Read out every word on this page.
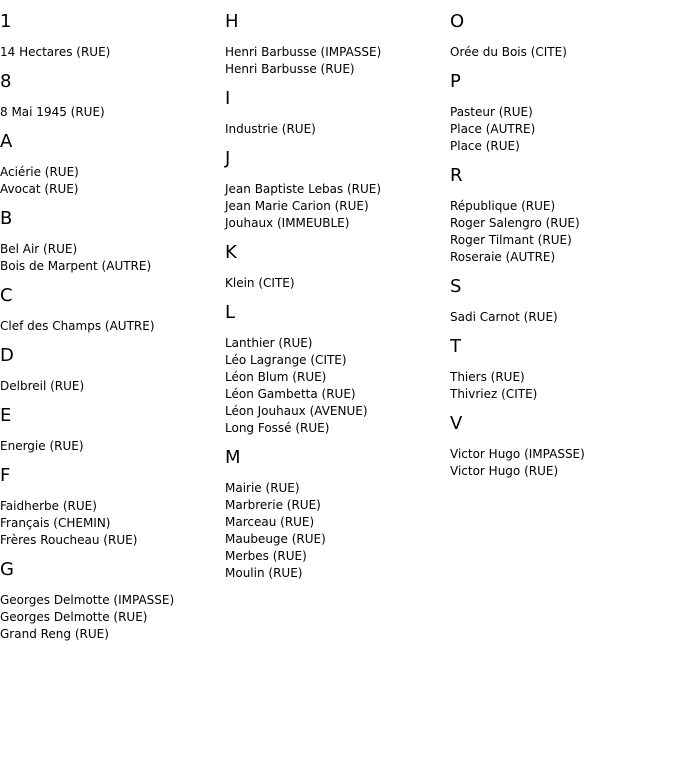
1
14 Hectares (RUE)
8
8 Mai 1945 (RUE)
A
Aciérie (RUE)
Avocat (RUE)
B
Bel Air (RUE)
Bois de Marpent (AUTRE)
C
Clef des Champs (AUTRE)
D
Delbreil (RUE)
E
Energie (RUE)
F
Faidherbe (RUE)
Français (CHEMIN)
Frères Roucheau (RUE)
G
Georges Delmotte (IMPASSE)
Georges Delmotte (RUE)
Grand Reng (RUE)
H
Henri Barbusse (IMPASSE)
Henri Barbusse (RUE)
I
Industrie (RUE)
J
Jean Baptiste Lebas (RUE)
Jean Marie Carion (RUE)
Jouhaux (IMMEUBLE)
K
Klein (CITE)
L
Lanthier (RUE)
Léo Lagrange (CITE)
Léon Blum (RUE)
Léon Gambetta (RUE)
Léon Jouhaux (AVENUE)
Long Fossé (RUE)
M
Mairie (RUE)
Marbrerie (RUE)
Marceau (RUE)
Maubeuge (RUE)
Merbes (RUE)
Moulin (RUE)
O
Orée du Bois (CITE)
P
Pasteur (RUE)
Place (AUTRE)
Place (RUE)
R
République (RUE)
Roger Salengro (RUE)
Roger Tilmant (RUE)
Roseraie (AUTRE)
S
Sadi Carnot (RUE)
T
Thiers (RUE)
Thivriez (CITE)
V
Victor Hugo (IMPASSE)
Victor Hugo (RUE)
